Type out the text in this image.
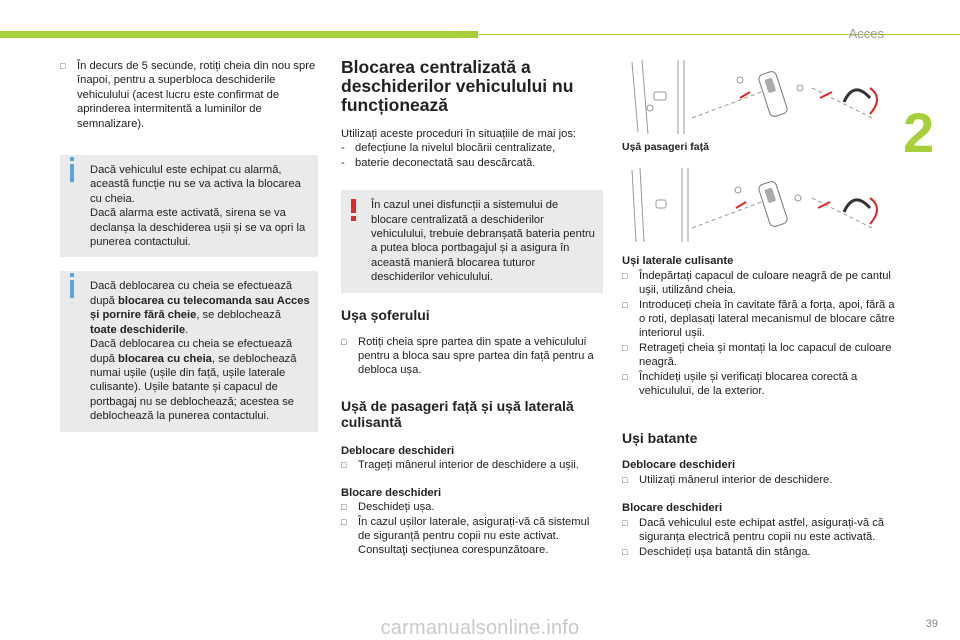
Acces
2
□ În decurs de 5 secunde, rotiți cheia din nou spre înapoi, pentru a superbloca deschiderile vehiculului (acest lucru este confirmat de aprinderea intermitentă a luminilor de semnalizare).
Dacă vehiculul este echipat cu alarmă, această funcție nu se va activa la blocarea cu cheia.
Dacă alarma este activată, sirena se va declanșa la deschiderea ușii și se va opri la punerea contactului.
Dacă deblocarea cu cheia se efectuează după blocarea cu telecomanda sau Acces și pornire fără cheie, se deblochează toate deschiderile.
Dacă deblocarea cu cheia se efectuează după blocarea cu cheia, se deblochează numai ușile (ușile din față, ușile laterale culisante). Ușile batante și capacul de portbagaj nu se deblochează; acestea se deblochează la punerea contactului.
Blocarea centralizată a deschiderilor vehiculului nu funcționează
Utilizați aceste proceduri în situațiile de mai jos:
- defecțiune la nivelul blocării centralizate,
- baterie deconectată sau descărcată.
În cazul unei disfuncții a sistemului de blocare centralizată a deschiderilor vehiculului, trebuie debranșată bateria pentru a putea bloca portbagajul și a asigura în această manieră blocarea tuturor deschiderilor vehiculului.
Ușa șoferului
□ Rotiți cheia spre partea din spate a vehiculului pentru a bloca sau spre partea din față pentru a debloca ușa.
Ușă de pasageri față și ușă laterală culisantă
Deblocare deschideri
□ Trageți mânerul interior de deschidere a ușii.
Blocare deschideri
□ Deschideți ușa.
□ În cazul ușilor laterale, asigurați-vă că sistemul de siguranță pentru copii nu este activat. Consultaţi secțiunea corespunzătoare.
Ușă pasageri față
Uși laterale culisante
□ Îndepărtați capacul de culoare neagră de pe cantul ușii, utilizând cheia.
□ Introduceți cheia în cavitate fără a forța, apoi, fără a o roti, deplasați lateral mecanismul de blocare către interiorul ușii.
□ Retrageți cheia și montați la loc capacul de culoare neagră.
□ Închideți ușile și verificați blocarea corectă a vehiculului, de la exterior.
Uși batante
Deblocare deschideri
□ Utilizați mânerul interior de deschidere.
Blocare deschideri
□ Dacă vehiculul este echipat astfel, asigurați-vă că siguranța electrică pentru copii nu este activată.
□ Deschideți ușa batantă din stânga.
39
carmanualsonline.info
